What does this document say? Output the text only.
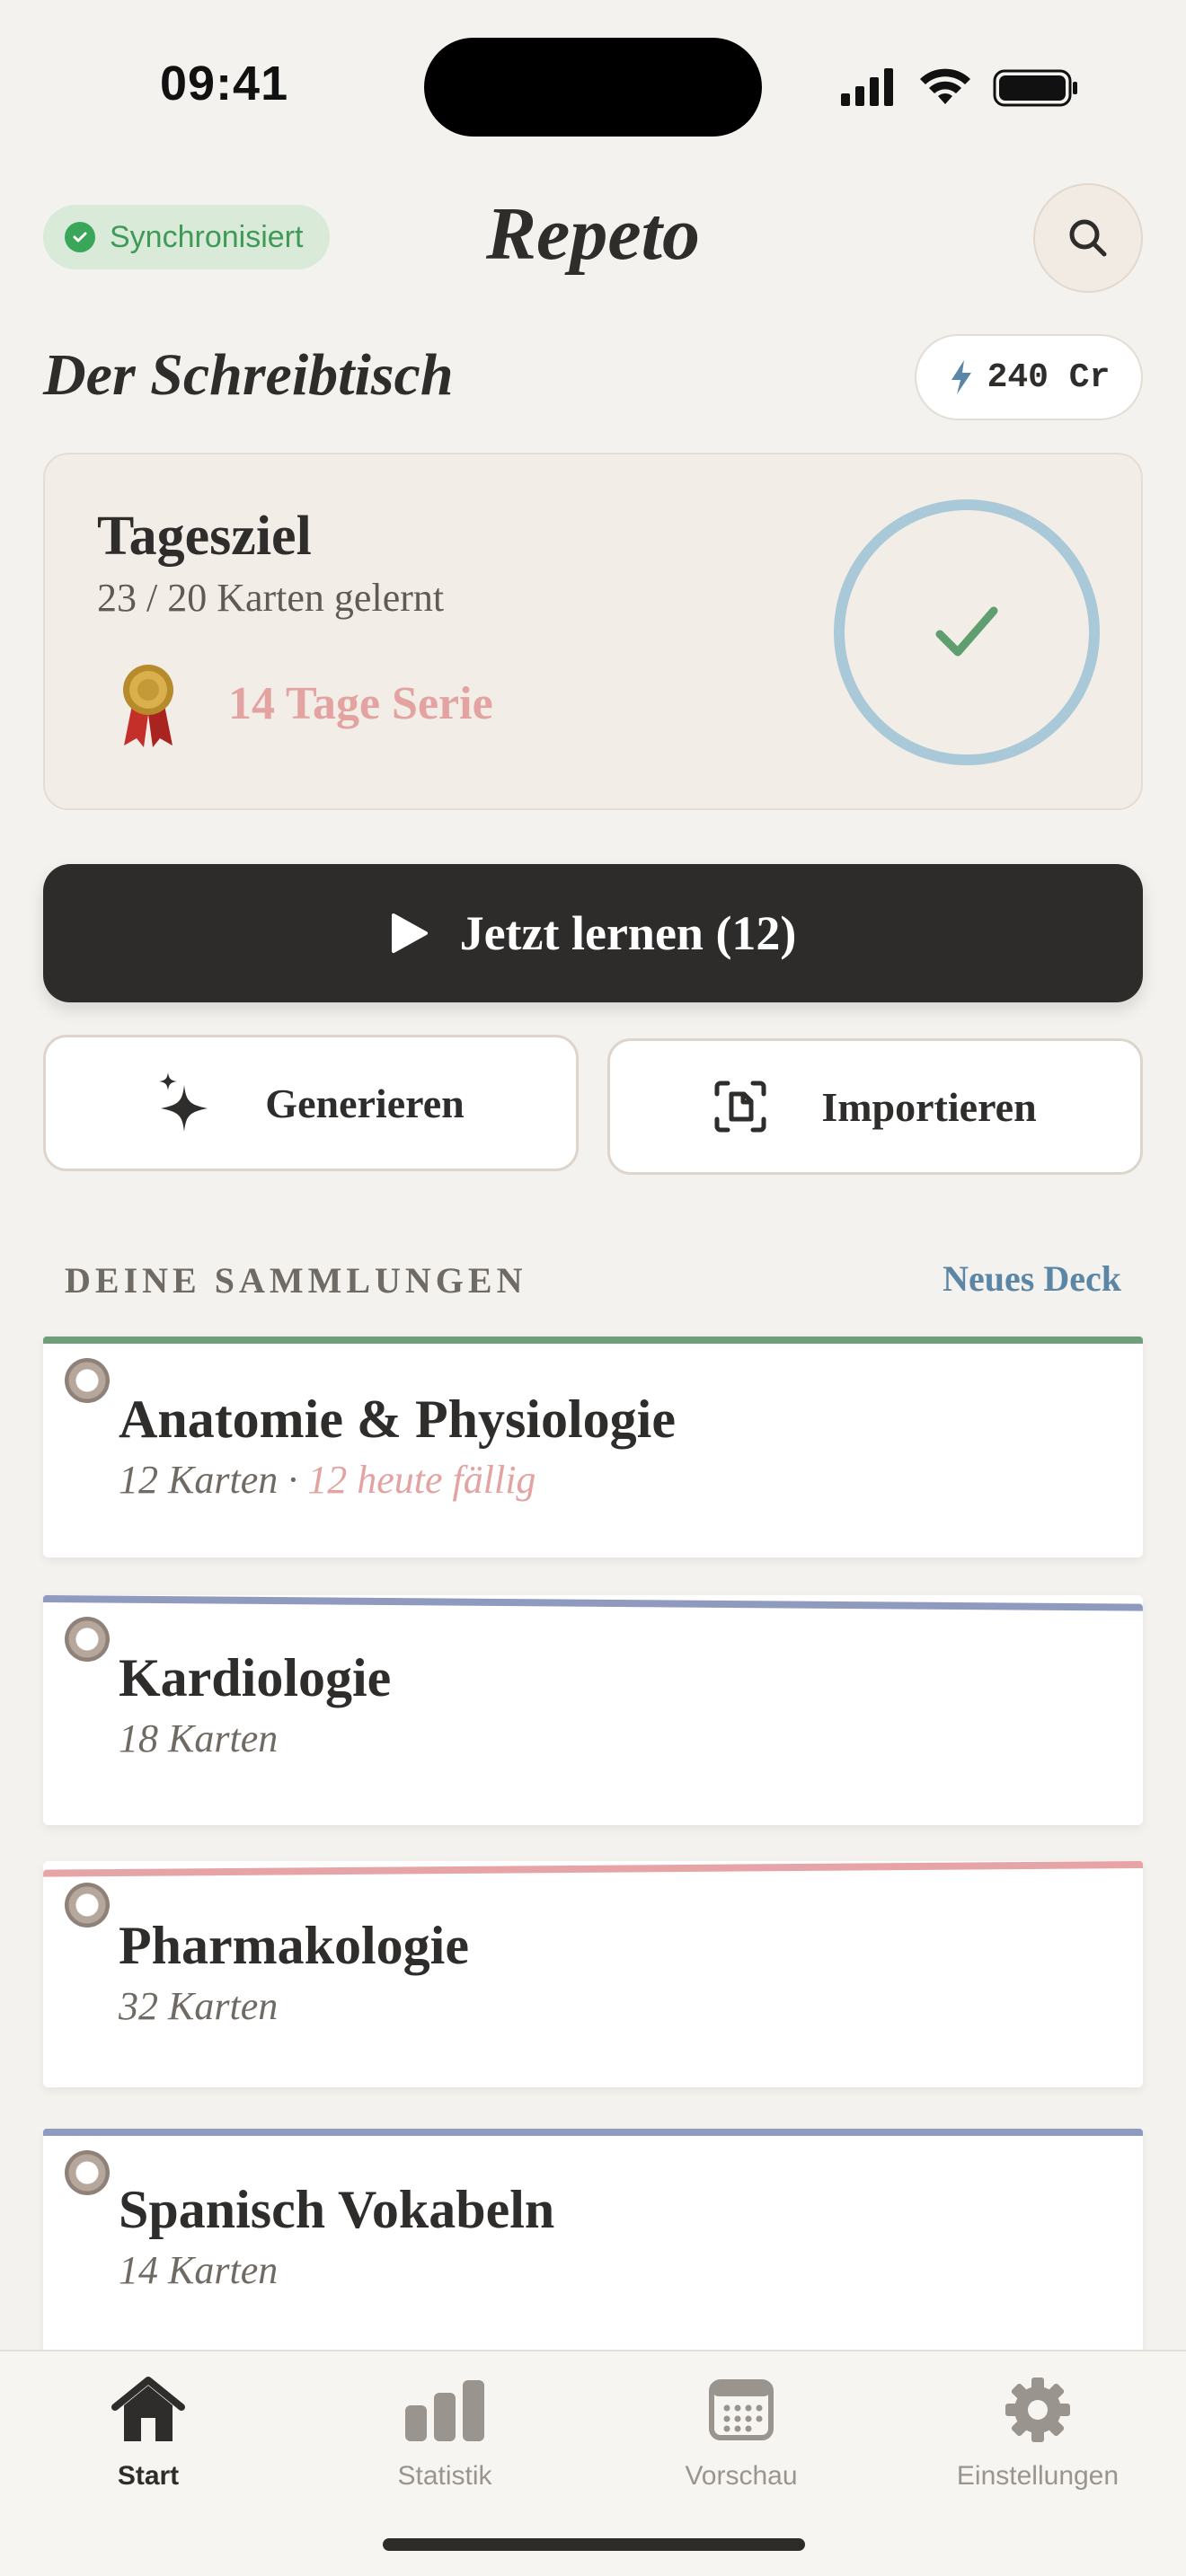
09:41
Synchronisiert	Repeto
Der Schreibtisch	240 Cr
Tagesziel
23 / 20 Karten gelernt
14 Tage Serie
Jetzt lernen (12)
Generieren	Importieren
DEINE SAMMLUNGEN	Neues Deck
Anatomie & Physiologie
12 Karten · 12 heute fällig
Kardiologie
18 Karten
Pharmakologie
32 Karten
Spanisch Vokabeln
14 Karten
Start	Statistik	Vorschau	Einstellungen
